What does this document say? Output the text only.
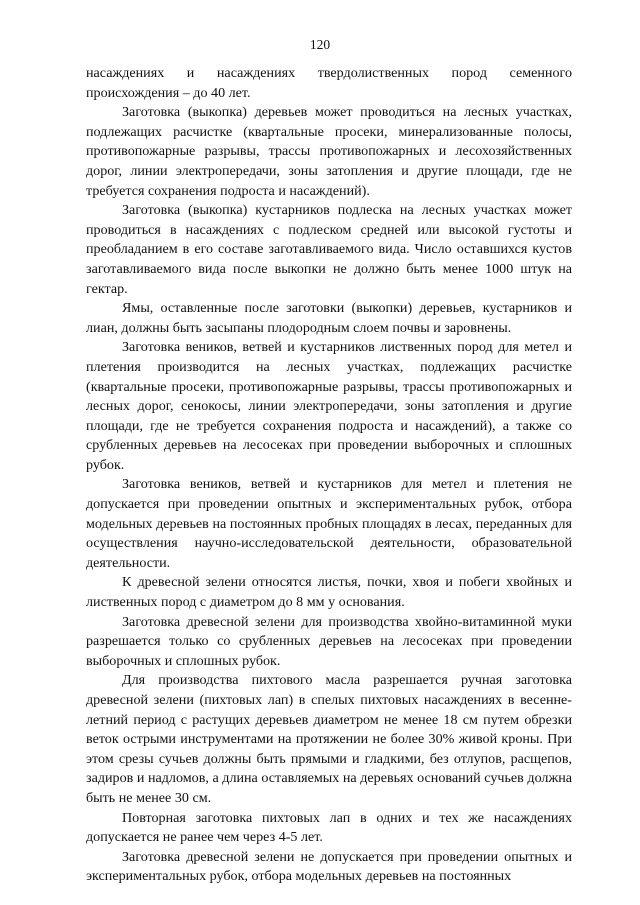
120

насаждениях и насаждениях твердолиственных пород семенного происхождения – до 40 лет.

Заготовка (выкопка) деревьев может проводиться на лесных участках, подлежащих расчистке (квартальные просеки, минерализованные полосы, противопожарные разрывы, трассы противопожарных и лесохозяйственных дорог, линии электропередачи, зоны затопления и другие площади, где не требуется сохранения подроста и насаждений).

Заготовка (выкопка) кустарников подлеска на лесных участках может проводиться в насаждениях с подлеском средней или высокой густоты и преобладанием в его составе заготавливаемого вида. Число оставшихся кустов заготавливаемого вида после выкопки не должно быть менее 1000 штук на гектар.

Ямы, оставленные после заготовки (выкопки) деревьев, кустарников и лиан, должны быть засыпаны плодородным слоем почвы и заровнены.

Заготовка веников, ветвей и кустарников лиственных пород для метел и плетения производится на лесных участках, подлежащих расчистке (квартальные просеки, противопожарные разрывы, трассы противопожарных и лесных дорог, сенокосы, линии электропередачи, зоны затопления и другие площади, где не требуется сохранения подроста и насаждений), а также со срубленных деревьев на лесосеках при проведении выборочных и сплошных рубок.

Заготовка веников, ветвей и кустарников для метел и плетения не допускается при проведении опытных и экспериментальных рубок, отбора модельных деревьев на постоянных пробных площадях в лесах, переданных для осуществления научно-исследовательской деятельности, образовательной деятельности.

К древесной зелени относятся листья, почки, хвоя и побеги хвойных и лиственных пород с диаметром до 8 мм у основания.

Заготовка древесной зелени для производства хвойно-витаминной муки разрешается только со срубленных деревьев на лесосеках при проведении выборочных и сплошных рубок.

Для производства пихтового масла разрешается ручная заготовка древесной зелени (пихтовых лап) в спелых пихтовых насаждениях в весенне-летний период с растущих деревьев диаметром не менее 18 см путем обрезки веток острыми инструментами на протяжении не более 30% живой кроны. При этом срезы сучьев должны быть прямыми и гладкими, без отлупов, расщепов, задиров и надломов, а длина оставляемых на деревьях оснований сучьев должна быть не менее 30 см.

Повторная заготовка пихтовых лап в одних и тех же насаждениях допускается не ранее чем через 4-5 лет.

Заготовка древесной зелени не допускается при проведении опытных и экспериментальных рубок, отбора модельных деревьев на постоянных
